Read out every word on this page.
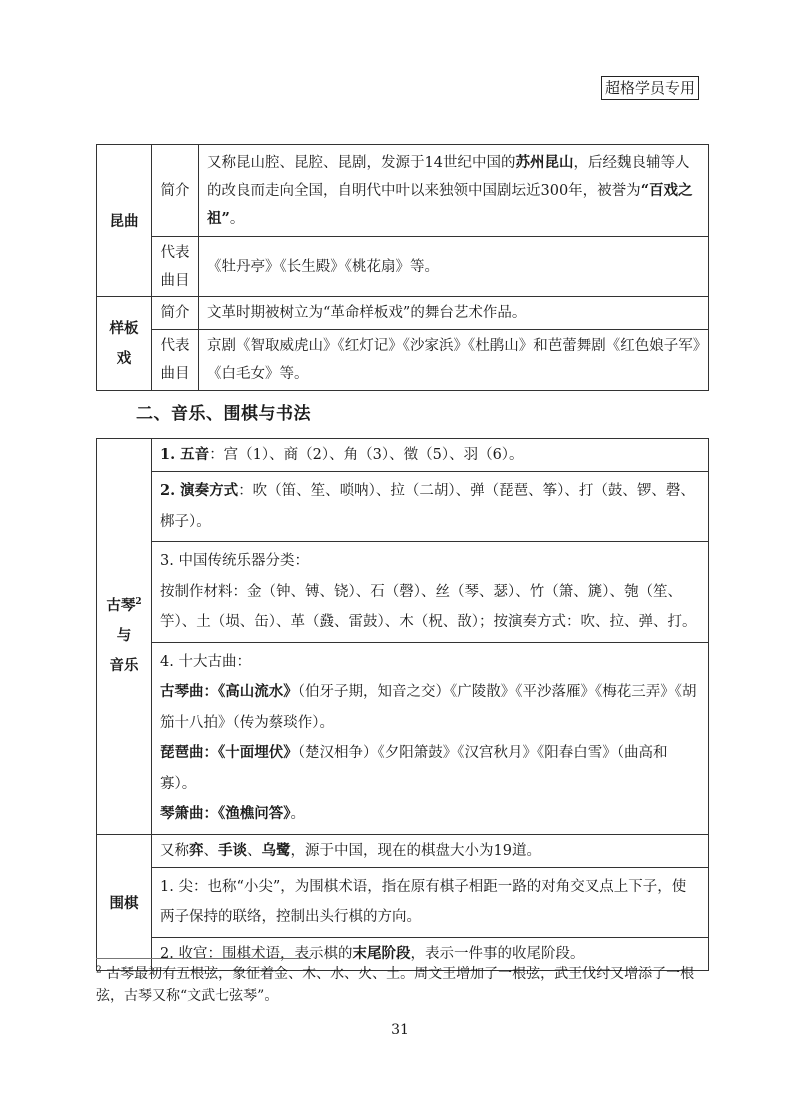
超格学员专用
昆曲	简介	又称昆山腔、昆腔、昆剧，发源于14世纪中国的苏州昆山，后经魏良辅等人的改良而走向全国，自明代中叶以来独领中国剧坛近300年，被誉为“百戏之祖”。

	代表
曲目	《牡丹亭》《长生殿》《桃花扇》等。

样板
戏	简介	文革时期被树立为“革命样板戏”的舞台艺术作品。

	代表
曲目	京剧《智取威虎山》《红灯记》《沙家浜》《杜鹃山》和芭蕾舞剧《红色娘子军》《白毛女》等。
二、音乐、围棋与书法
古琴$^2$
与
音乐	1. 五音：宫（1）、商（2）、角（3）、徵（5）、羽（6）。
	2. 演奏方式：吹（笛、笙、唢呐）、拉（二胡）、弹（琵琶、筝）、打（鼓、锣、磬、梆子）。

	3. 中国传统乐器分类：
按制作材料：金（钟、镈、铙）、石（磬）、丝（琴、瑟）、竹（箫、篪）、匏（笙、竽）、土（埙、缶）、革（鼗、雷鼓）、木（柷、敔）；按演奏方式：吹、拉、弹、打。

	4. 十大古曲：
古琴曲：《高山流水》（伯牙子期，知音之交）《广陵散》《平沙落雁》《梅花三弄》《胡笳十八拍》（传为蔡琰作）。
琵琶曲：《十面埋伏》（楚汉相争）《夕阳箫鼓》《汉宫秋月》《阳春白雪》（曲高和寡）。
琴箫曲：《渔樵问答》。

围棋	又称弈、手谈、乌鹭，源于中国，现在的棋盘大小为19道。
	1. 尖：也称“小尖”，为围棋术语，指在原有棋子相距一路的对角交叉点上下子，使两子保持的联络，控制出头行棋的方向。
	2. 收官：围棋术语，表示棋的末尾阶段，表示一件事的收尾阶段。
$^2$ 古琴最初有五根弦，象征着金、木、水、火、土。周文王增加了一根弦，武王伐纣又增添了一根弦，古琴又称“文武七弦琴”。
31
